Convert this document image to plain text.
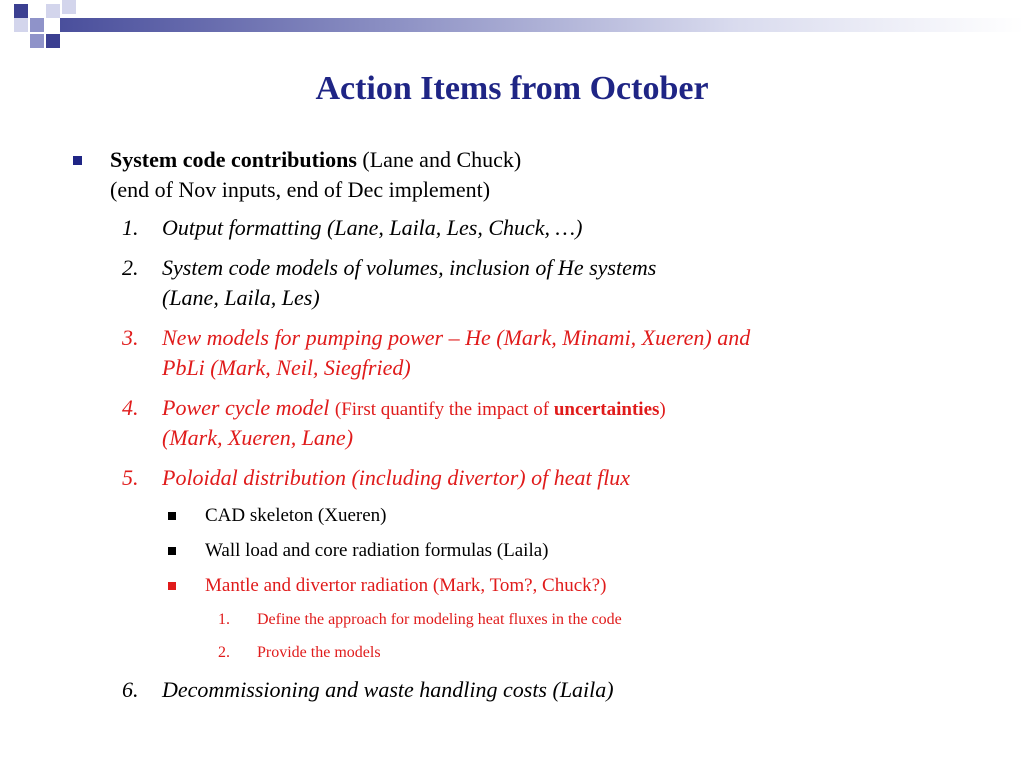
Action Items from October
System code contributions (Lane and Chuck)
(end of Nov inputs, end of Dec implement)
1. Output formatting (Lane, Laila, Les, Chuck, …)
2. System code models of volumes, inclusion of He systems
(Lane, Laila, Les)
3. New models for pumping power – He (Mark, Minami, Xueren) and
PbLi (Mark, Neil, Siegfried)
4. Power cycle model (First quantify the impact of uncertainties)
(Mark, Xueren, Lane)
5. Poloidal distribution (including divertor) of heat flux
CAD skeleton (Xueren)
Wall load and core radiation formulas (Laila)
Mantle and divertor radiation (Mark, Tom?, Chuck?)
1. Define the approach for modeling heat fluxes in the code
2. Provide the models
6. Decommissioning and waste handling costs (Laila)
